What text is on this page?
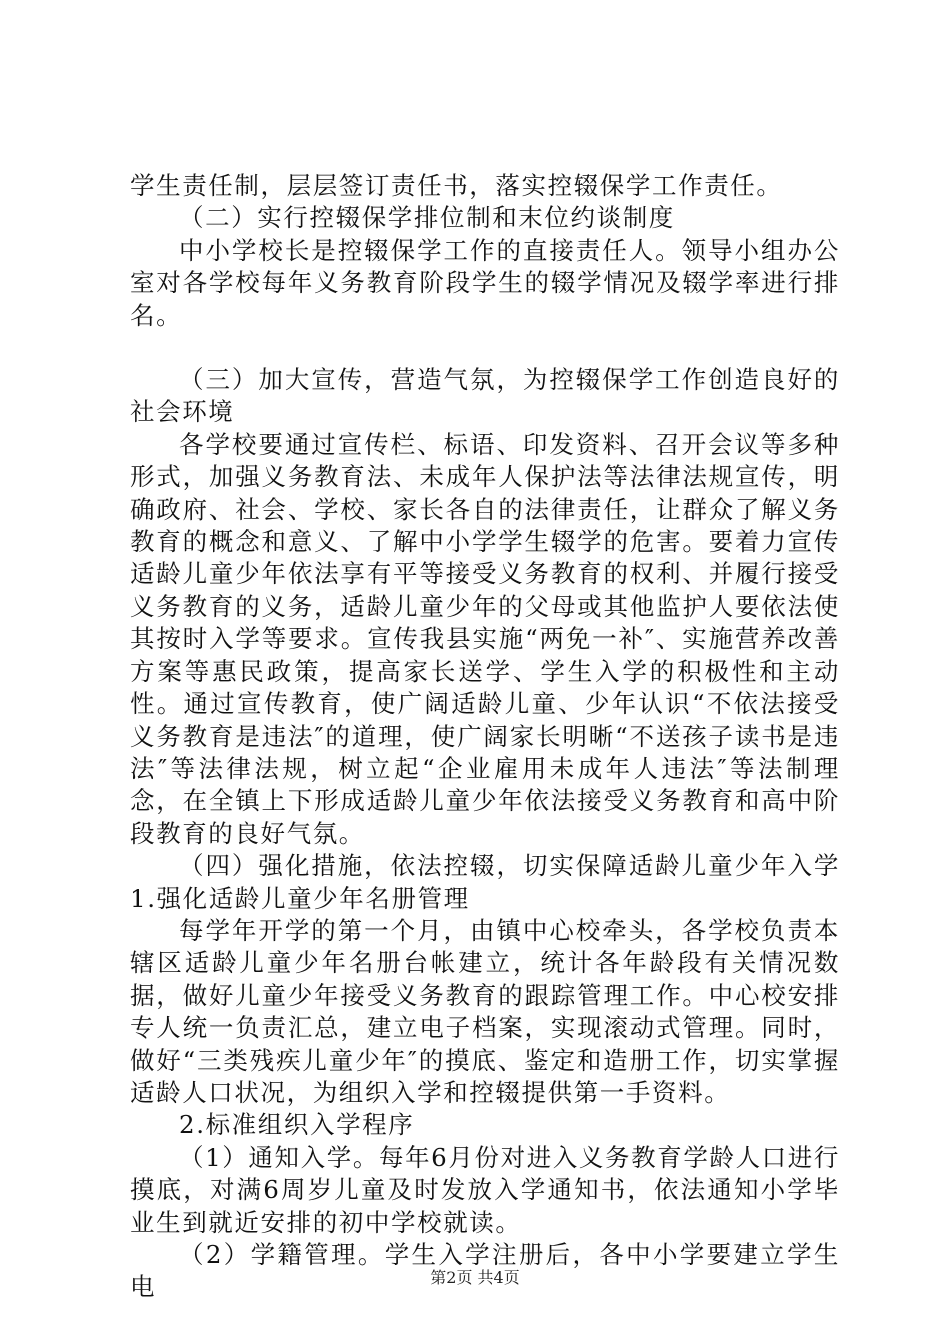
学生责任制，层层签订责任书，落实控辍保学工作责任。

（二）实行控辍保学排位制和末位约谈制度

中小学校长是控辍保学工作的直接责任人。领导小组办公室对各学校每年义务教育阶段学生的辍学情况及辍学率进行排名。

（三）加大宣传，营造气氛，为控辍保学工作创造良好的社会环境

各学校要通过宣传栏、标语、印发资料、召开会议等多种形式，加强义务教育法、未成年人保护法等法律法规宣传，明确政府、社会、学校、家长各自的法律责任，让群众了解义务教育的概念和意义、了解中小学学生辍学的危害。要着力宣传适龄儿童少年依法享有平等接受义务教育的权利、并履行接受义务教育的义务，适龄儿童少年的父母或其他监护人要依法使其按时入学等要求。宣传我县实施“两免一补″、实施营养改善方案等惠民政策，提高家长送学、学生入学的积极性和主动性。通过宣传教育，使广阔适龄儿童、少年认识“不依法接受义务教育是违法″的道理，使广阔家长明晰“不送孩子读书是违法″等法律法规，树立起“企业雇用未成年人违法″等法制理念，在全镇上下形成适龄儿童少年依法接受义务教育和高中阶段教育的良好气氛。

（四）强化措施，依法控辍，切实保障适龄儿童少年入学1.强化适龄儿童少年名册管理

每学年开学的第一个月，由镇中心校牵头，各学校负责本辖区适龄儿童少年名册台帐建立，统计各年龄段有关情况数据，做好儿童少年接受义务教育的跟踪管理工作。中心校安排专人统一负责汇总，建立电子档案，实现滚动式管理。同时，做好“三类残疾儿童少年″的摸底、鉴定和造册工作，切实掌握适龄人口状况，为组织入学和控辍提供第一手资料。

2.标准组织入学程序

（1）通知入学。每年6月份对进入义务教育学龄人口进行摸底，对满6周岁儿童及时发放入学通知书，依法通知小学毕业生到就近安排的初中学校就读。

（2）学籍管理。学生入学注册后，各中小学要建立学生电	第2页 共4页
